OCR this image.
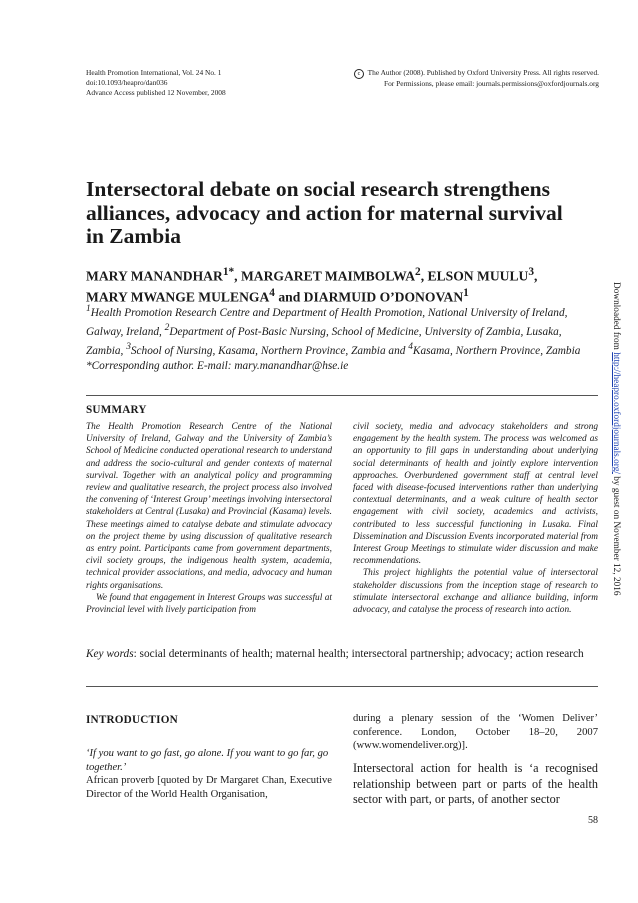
Health Promotion International, Vol. 24 No. 1
doi:10.1093/heapro/dan036
Advance Access published 12 November, 2008
c The Author (2008). Published by Oxford University Press. All rights reserved.
For Permissions, please email: journals.permissions@oxfordjournals.org
Intersectoral debate on social research strengthens alliances, advocacy and action for maternal survival in Zambia
MARY $MANANDHAR^{1*}$, MARGARET MAIMBOLWA$^2$, ELSON MUULU$^3$,
MARY MWANGE MULENGA$^4$ and DIARMUID O’DONOVAN$^1$
$^1$Health Promotion Research Centre and Department of Health Promotion, National University of Ireland, Galway, Ireland, $^2$Department of Post-Basic Nursing, School of Medicine, University of Zambia, Lusaka, Zambia, $^3$School of Nursing, Kasama, Northern Province, Zambia and $^4$Kasama, Northern Province, Zambia
*Corresponding author. E-mail: mary.manandhar@hse.ie
SUMMARY

The Health Promotion Research Centre of the National University of Ireland, Galway and the University of Zambia’s School of Medicine conducted operational research to understand and address the socio-cultural and gender contexts of maternal survival. Together with an analytical policy and programming review and qualitative research, the project process also involved the convening of ‘Interest Group’ meetings involving intersectoral stakeholders at Central (Lusaka) and Provincial (Kasama) levels. These meetings aimed to catalyse debate and stimulate advocacy on the project theme by using discussion of qualitative research as entry point. Participants came from government departments, civil society groups, the indigenous health system, academia, technical provider associations, and media, advocacy and human rights organisations.

We found that engagement in Interest Groups was successful at Provincial level with lively participation from

civil society, media and advocacy stakeholders and strong engagement by the health system. The process was welcomed as an opportunity to fill gaps in understanding about underlying social determinants of health and jointly explore intervention approaches. Overburdened government staff at central level faced with disease-focused interventions rather than underlying contextual determinants, and a weak culture of health sector engagement with civil society, academics and activists, contributed to less successful functioning in Lusaka. Final Dissemination and Discussion Events incorporated material from Interest Group Meetings to stimulate wider discussion and make recommendations.

This project highlights the potential value of intersectoral stakeholder discussions from the inception stage of research to stimulate intersectoral exchange and alliance building, inform advocacy, and catalyse the process of research into action.

Key words: social determinants of health; maternal health; intersectoral partnership; advocacy; action research
INTRODUCTION
‘If you want to go fast, go alone. If you want to go far, go together.’
African proverb [quoted by Dr Margaret Chan, Executive Director of the World Health Organisation,
during a plenary session of the ‘Women Deliver’ conference. London, October 18–20, 2007 (www.womendeliver.org)].
Intersectoral action for health is ‘a recognised relationship between part or parts of the health sector with part, or parts, of another sector
58
Downloaded from http://heapro.oxfordjournals.org/ by guest on November 12, 2016
